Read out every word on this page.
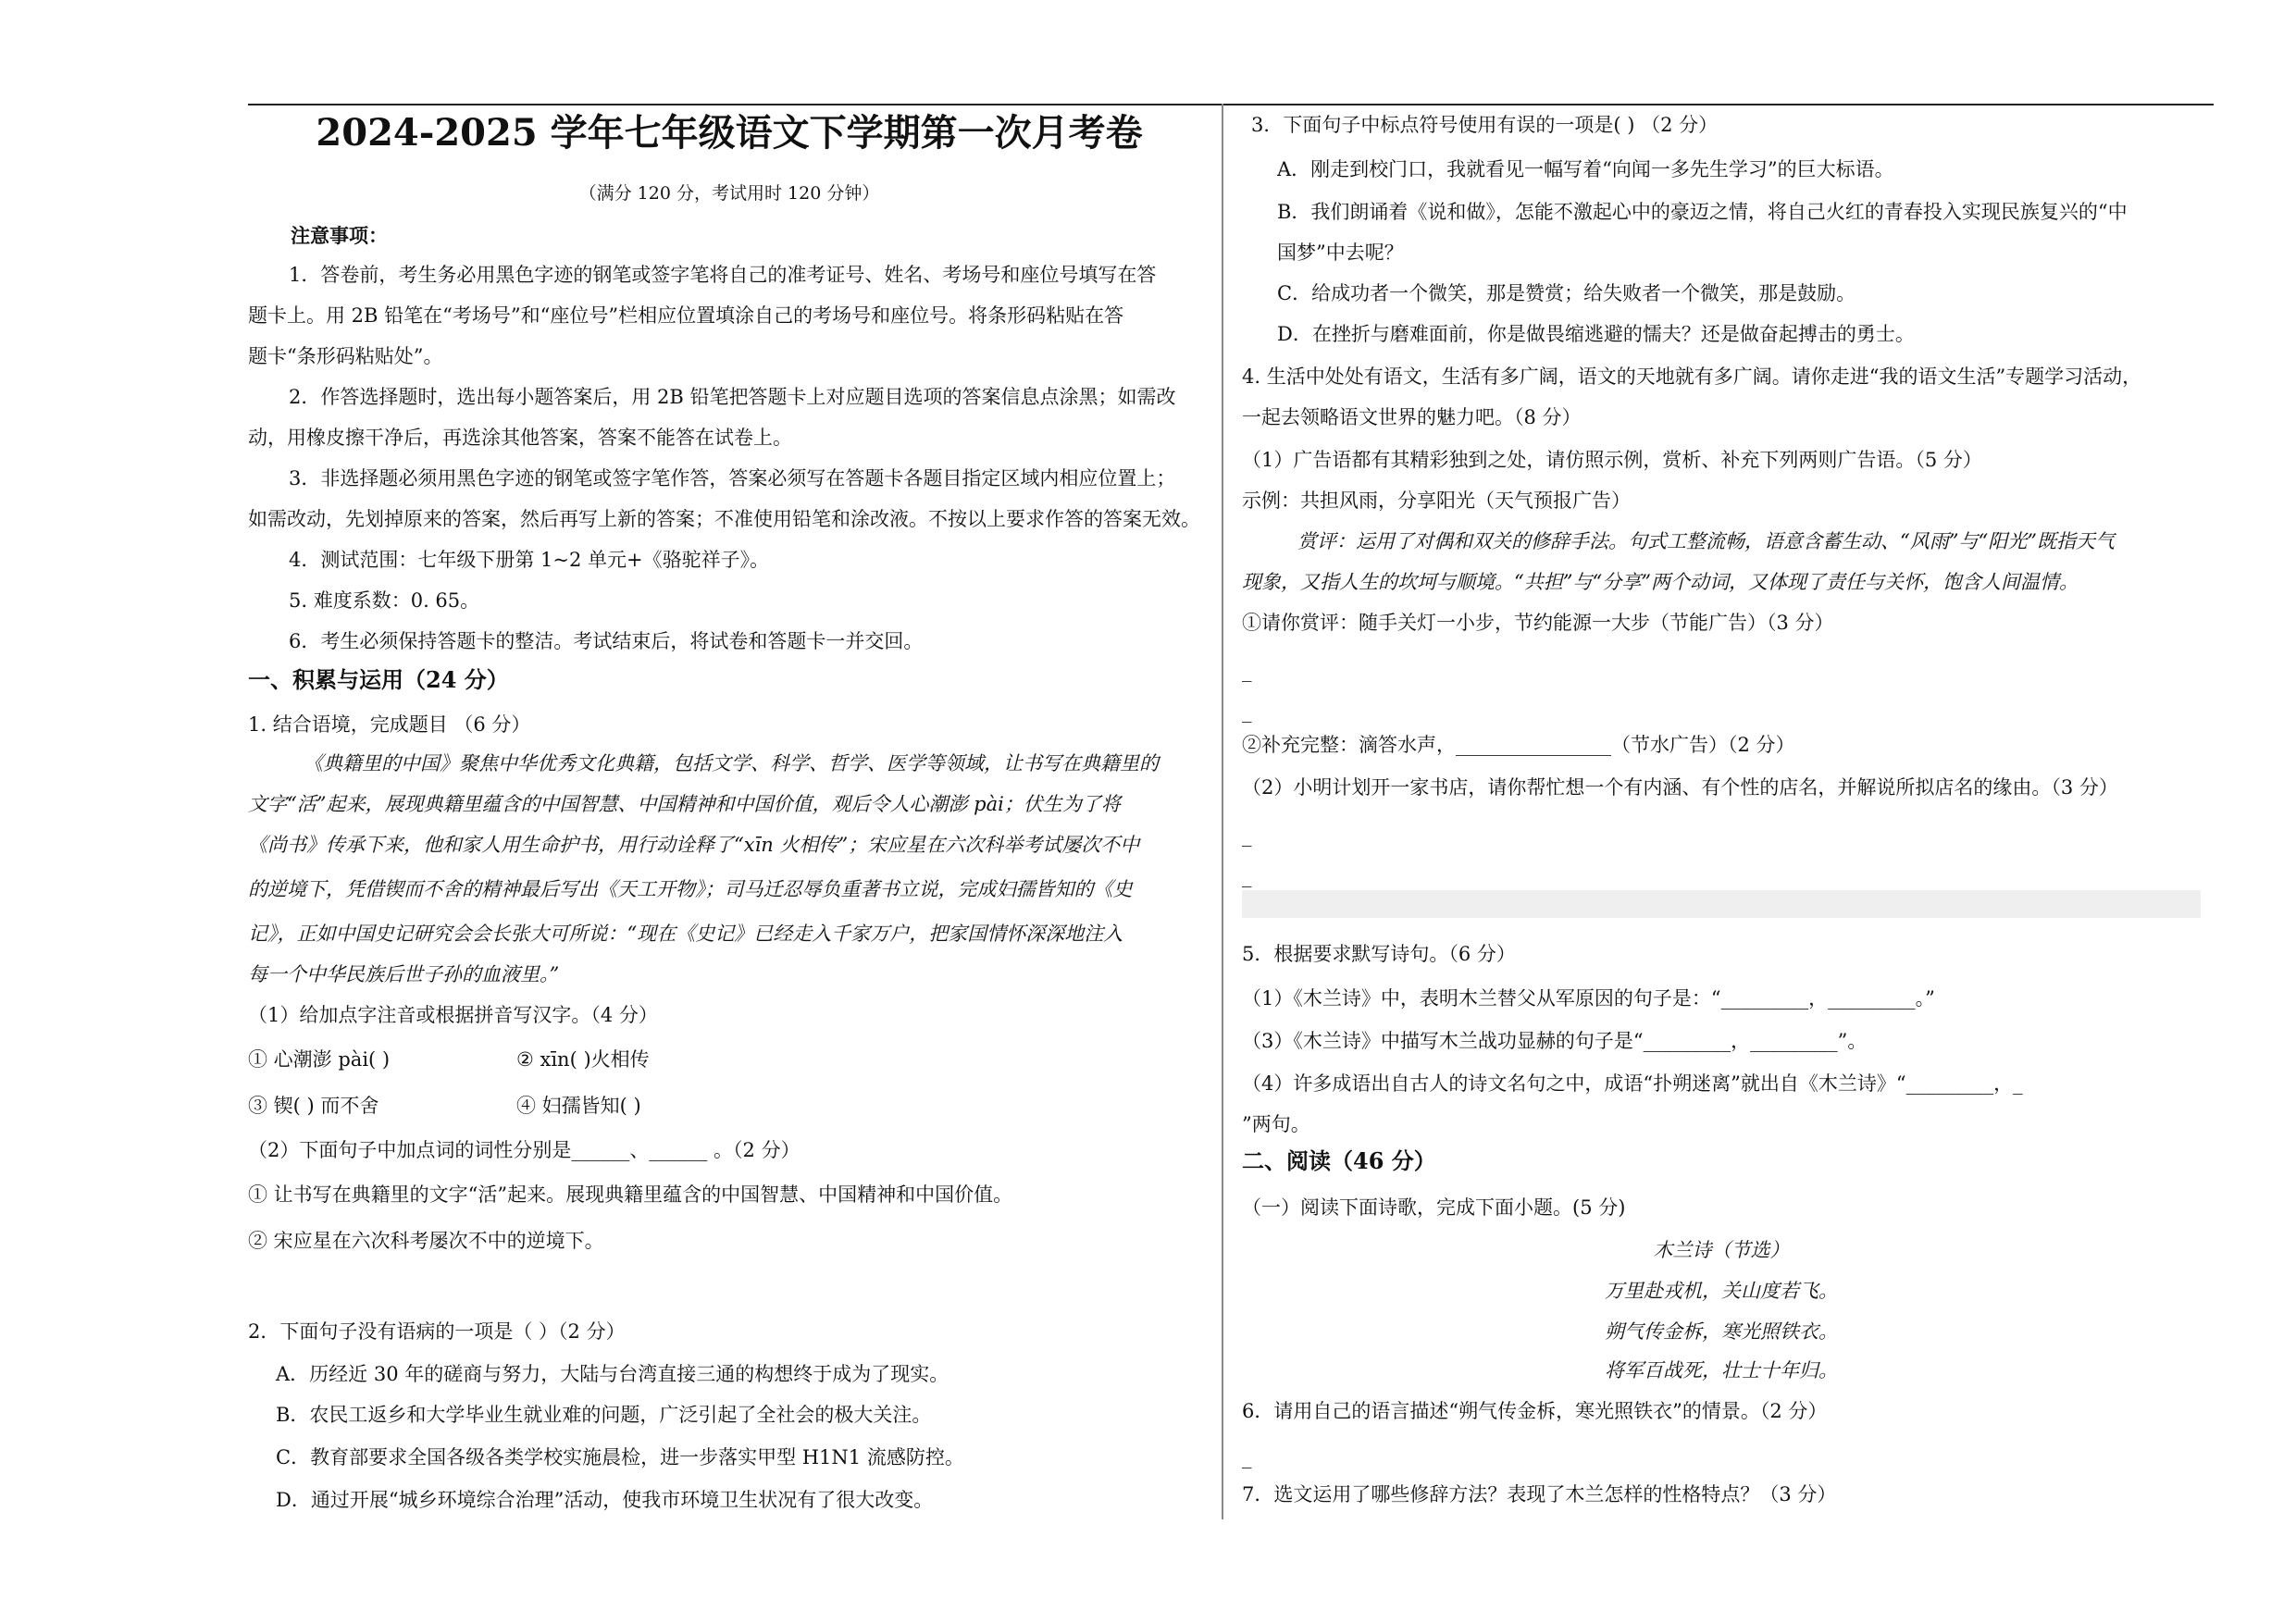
2024-2025 学年七年级语文下学期第一次月考卷
（满分 120 分，考试用时 120 分钟）
注意事项：
1．答卷前，考生务必用黑色字迹的钢笔或签字笔将自己的准考证号、姓名、考场号和座位号填写在答
题卡上。用 2B 铅笔在“考场号”和“座位号”栏相应位置填涂自己的考场号和座位号。将条形码粘贴在答
题卡“条形码粘贴处”。
2．作答选择题时，选出每小题答案后，用 2B 铅笔把答题卡上对应题目选项的答案信息点涂黑；如需改
动，用橡皮擦干净后，再选涂其他答案，答案不能答在试卷上。
3．非选择题必须用黑色字迹的钢笔或签字笔作答，答案必须写在答题卡各题目指定区域内相应位置上；
如需改动，先划掉原来的答案，然后再写上新的答案；不准使用铅笔和涂改液。不按以上要求作答的答案无效。
4．测试范围：七年级下册第 1~2 单元+《骆驼祥子》。
5. 难度系数：0. 65。
6．考生必须保持答题卡的整洁。考试结束后，将试卷和答题卡一并交回。
一、积累与运用（24 分）
1. 结合语境，完成题目 （6 分）
《典籍里的中国》聚焦中华优秀文化典籍，包括文学、科学、哲学、医学等领域，让书写在典籍里的
文字“活”起来，展现典籍里蕴含的中国智慧、中国精神和中国价值，观后令人心潮澎 pài；伏生为了将
《尚书》传承下来，他和家人用生命护书，用行动诠释了“xīn 火相传”；宋应星在六次科举考试屡次不中
的逆境下，凭借锲而不舍的精神最后写出《天工开物》；司马迁忍辱负重著书立说，完成妇孺皆知的《史
记》，正如中国史记研究会会长张大可所说：“现在《史记》已经走入千家万户，把家国情怀深深地注入
每一个中华民族后世子孙的血液里。”
（1）给加点字注音或根据拼音写汉字。（4 分）
① 心潮澎 pài( )	② xīn( )火相传
③ 锲( ) 而不舍	④ 妇孺皆知( )
（2）下面句子中加点词的词性分别是______、______ 。（2 分）
① 让书写在典籍里的文字“活”起来。展现典籍里蕴含的中国智慧、中国精神和中国价值。
② 宋应星在六次科考屡次不中的逆境下。
2．下面句子没有语病的一项是（ ）（2 分）
A．历经近 30 年的磋商与努力，大陆与台湾直接三通的构想终于成为了现实。
B．农民工返乡和大学毕业生就业难的问题，广泛引起了全社会的极大关注。
C．教育部要求全国各级各类学校实施晨检，进一步落实甲型 H1N1 流感防控。
D．通过开展“城乡环境综合治理”活动，使我市环境卫生状况有了很大改变。
3．下面句子中标点符号使用有误的一项是( ) （2 分）
A．刚走到校门口，我就看见一幅写着“向闻一多先生学习”的巨大标语。
B．我们朗诵着《说和做》，怎能不激起心中的豪迈之情，将自己火红的青春投入实现民族复兴的“中
国梦”中去呢？
C．给成功者一个微笑，那是赞赏；给失败者一个微笑，那是鼓励。
D．在挫折与磨难面前，你是做畏缩逃避的懦夫？还是做奋起搏击的勇士。
4. 生活中处处有语文，生活有多广阔，语文的天地就有多广阔。请你走进“我的语文生活”专题学习活动，
一起去领略语文世界的魅力吧。（8 分）
（1）广告语都有其精彩独到之处，请仿照示例，赏析、补充下列两则广告语。（5 分）
示例：共担风雨，分享阳光（天气预报广告）
赏评：运用了对偶和双关的修辞手法。句式工整流畅，语意含蓄生动、“风雨”与“阳光”既指天气
现象，又指人生的坎坷与顺境。“共担”与“分享”两个动词，又体现了责任与关怀，饱含人间温情。
①请你赏评：随手关灯一小步，节约能源一大步（节能广告）（3 分）
_
_
②补充完整：滴答水声，________________（节水广告）（2 分）
（2）小明计划开一家书店，请你帮忙想一个有内涵、有个性的店名，并解说所拟店名的缘由。（3 分）
_
_
5．根据要求默写诗句。（6 分）
（1）《木兰诗》中，表明木兰替父从军原因的句子是：“_________，_________。”
（3）《木兰诗》中描写木兰战功显赫的句子是“_________，_________”。
（4）许多成语出自古人的诗文名句之中，成语“扑朔迷离”就出自《木兰诗》“_________，_
”两句。
二、阅读（46 分）
（一）阅读下面诗歌，完成下面小题。(5 分)
木兰诗（节选）
万里赴戎机，关山度若飞。
朔气传金柝，寒光照铁衣。
将军百战死，壮士十年归。
6．请用自己的语言描述“朔气传金柝，寒光照铁衣”的情景。（2 分）
_
7．选文运用了哪些修辞方法？表现了木兰怎样的性格特点？（3 分）
